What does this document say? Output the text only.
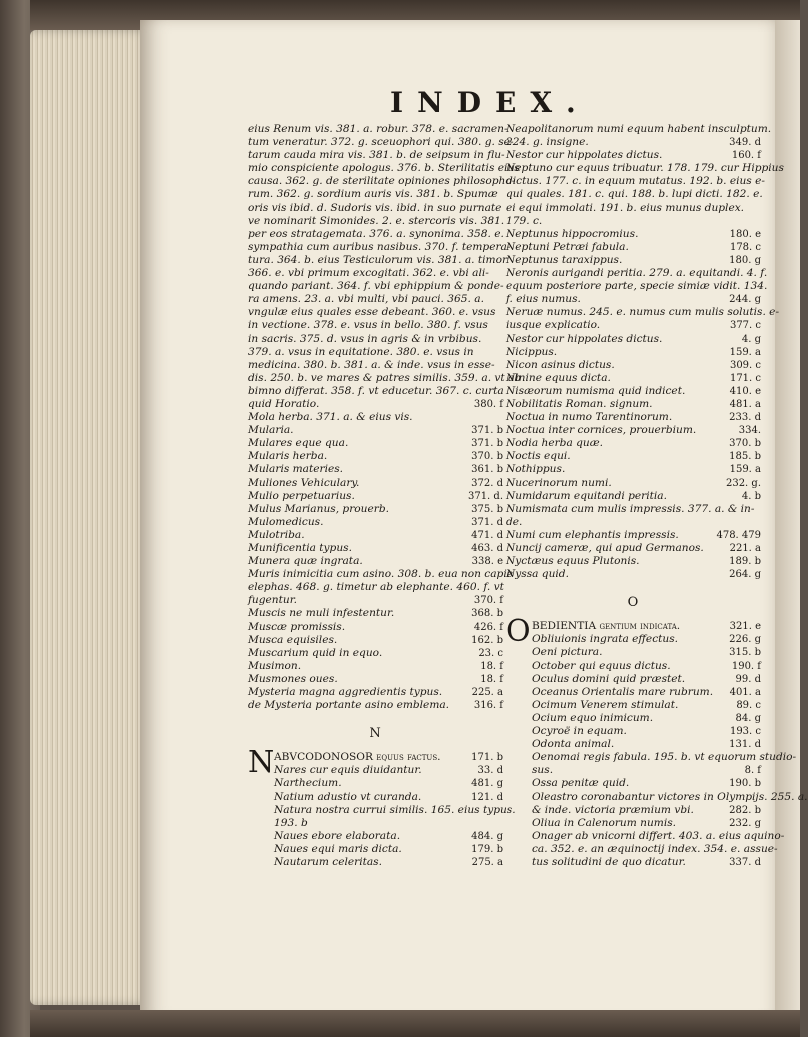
INDEX.
eius Renum vis. 381. a. robur. 378. e. sacramen-
tum veneratur. 372. g. sceuophori qui. 380. g. se-
tarum cauda mira vis. 381. b. de seipsum in flu-
mio conspiciente apologus. 376. b. Sterilitatis eius
causa. 362. g. de sterilitate opiniones philosopho-
rum. 362. g. sordium auris vis. 381. b. Spumæ
oris vis ibid. d. Sudoris vis. ibid. in suo purnate
ve nominarit Simonides. 2. e. stercoris vis. 381.
per eos stratagemata. 376. a. synonima. 358. e.
sympathia cum auribus nasibus. 370. f. tempera-
tura. 364. b. eius Testiculorum vis. 381. a. timor
366. e. vbi primum excogitati. 362. e. vbi ali-
quando pariant. 364. f. vbi ephippium & ponde-
ra amens. 23. a. vbi multi, vbi pauci. 365. a.
vngulæ eius quales esse debeant. 360. e. vsus
in vectione. 378. e. vsus in bello. 380. f. vsus
in sacris. 375. d. vsus in agris & in vrbibus.
379. a. vsus in equitatione. 380. e. vsus in
medicina. 380. b. 381. a. & inde. vsus in esse-
dis. 250. b. ve mares & patres similis. 359. a. vt ab
bimno differat. 358. f. vt educetur. 367. c. curta
quid Horatio.	380. f
Mola herba. 371. a. & eius vis.
Mularia.	371. b
Mulares eque qua.	371. b
Mularis herba.	370. b
Mularis materies.	361. b
Muliones Vehiculary.	372. d
Mulio perpetuarius.	371. d.
Mulus Marianus, prouerb.	375. b
Mulomedicus.	371. d
Mulotriba.	471. d
Munificentia typus.	463. d
Munera quæ ingrata.	338. e
Muris inimicitia cum asino. 308. b. eua non capie
elephas. 468. g. timetur ab elephante. 460. f. vt
fugentur.	370. f
Muscis ne muli infestentur.	368. b
Muscæ promissis.	426. f
Musca equisiles.	162. b
Muscarium quid in equo.	23. c
Musimon.	18. f
Musmones oues.	18. f
Mysteria magna aggredientis typus.	225. a
de Mysteria portante asino emblema.	316. f
N
N ABVCODONOSOR equus factus.	171. b
Nares cur equis diuidantur.	33. d
Narthecium.	481. g
Natium adustio vt curanda.	121. d
Natura nostra currui similis. 165. eius typus.
193. b
Naues ebore elaborata.	484. g
Naues equi maris dicta.	179. b
Nautarum celeritas.	275. a
Neapolitanorum numi equum habent insculptum.
224. g. insigne.	349. d
Nestor cur hippolates dictus.	160. f
Neptuno cur equus tribuatur. 178. 179. cur Hippius
dictus. 177. c. in equum mutatus. 192. b. eius e-
qui quales. 181. c. qui. 188. b. lupi dicti. 182. e.
ei equi immolati. 191. b. eius munus duplex.
179. c.
Neptunus hippocromius.	180. e
Neptuni Petræi fabula.	178. c
Neptunus taraxippus.	180. g
Neronis aurigandi peritia. 279. a. equitandi. 4. f.
equum posteriore parte, specie simiæ vidit. 134.
f. eius numus.	244. g
Neruæ numus. 245. e. numus cum mulis solutis. e-
iusque explicatio.	377. c
Nestor cur hippolates dictus.	4. g
Nicippus.	159. a
Nicon asinus dictus.	309. c
Ninine equus dicta.	171. c
Nisæorum numisma quid indicet.	410. e
Nobilitatis Roman. signum.	481. a
Noctua in numo Tarentinorum.	233. d
Noctua inter cornices, prouerbium.	334.
Nodia herba quæ.	370. b
Noctis equi.	185. b
Nothippus.	159. a
Nucerinorum numi.	232. g.
Numidarum equitandi peritia.	4. b
Numismata cum mulis impressis. 377. a. & in-
de.
Numi cum elephantis impressis.	478. 479
Nuncij cameræ, qui apud Germanos.	221. a
Nyctæus equus Plutonis.	189. b
Nyssa quid.	264. g
O
O BEDIENTIA gentium indicata.	321. e
Obliuionis ingrata effectus.	226. g
Oeni pictura.	315. b
October qui equus dictus.	190. f
Oculus domini quid præstet.	99. d
Oceanus Orientalis mare rubrum.	401. a
Ocimum Venerem stimulat.	89. c
Ocium equo inimicum.	84. g
Ocyroë in equam.	193. c
Odonta animal.	131. d
Oenomai regis fabula. 195. b. vt equorum studio-
sus.	8. f
Ossa penitæ quid.	190. b
Oleastro coronabantur victores in Olympijs. 255. a.
& inde. victoria præmium vbi.	282. b
Oliua in Calenorum numis.	232. g
Onager ab vnicorni differt. 403. a. eius aquino-
ca. 352. e. an æquinoctij index. 354. e. assue-
tus solitudini de quo dicatur.	337. d
